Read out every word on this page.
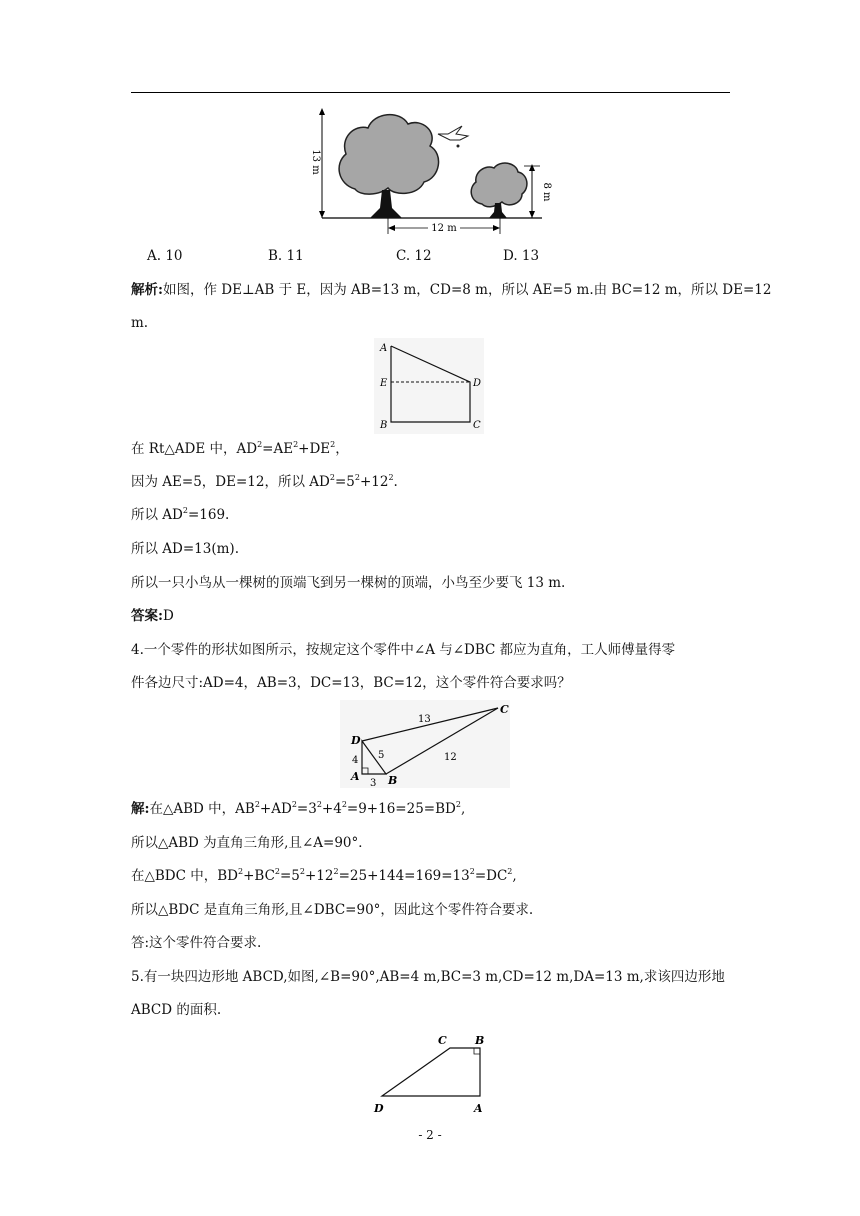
13 m
8 m
12 m
A. 10	B. 11	C. 12	D. 13
解析:如图，作 DE⊥AB 于 E，因为 AB=13 m，CD=8 m，所以 AE=5 m.由 BC=12 m，所以 DE=12
m.
A
E
B
D
C
在 Rt△ADE 中，$AD^2=AE^2+DE^2$，
因为 AE=5，DE=12，所以 $AD^2=5^2+12^2$.
所以 $AD^2=169$.
所以 AD=13(m).
所以一只小鸟从一棵树的顶端飞到另一棵树的顶端，小鸟至少要飞 13 m.
答案:D
4.一个零件的形状如图所示，按规定这个零件中∠A 与∠DBC 都应为直角，工人师傅量得零
件各边尺寸:AD=4，AB=3，DC=13，BC=12，这个零件符合要求吗？
D
A	B
C
13
5	12
4
3
解:在△ABD 中，$AB^2+AD^2=3^2+4^2=9+16=25=BD^2$,
所以△ABD 为直角三角形,且∠A=90°．
在△BDC 中，$BD^2+BC^2=5^2+12^2=25+144=169=13^2=DC^2$,
所以△BDC 是直角三角形,且∠DBC=90°，因此这个零件符合要求.
答:这个零件符合要求.
5.有一块四边形地 ABCD,如图,∠B=90°,AB=4 m,BC=3 m,CD=12 m,DA=13 m,求该四边形地
ABCD 的面积.
C	B
D	A
- 2 -
